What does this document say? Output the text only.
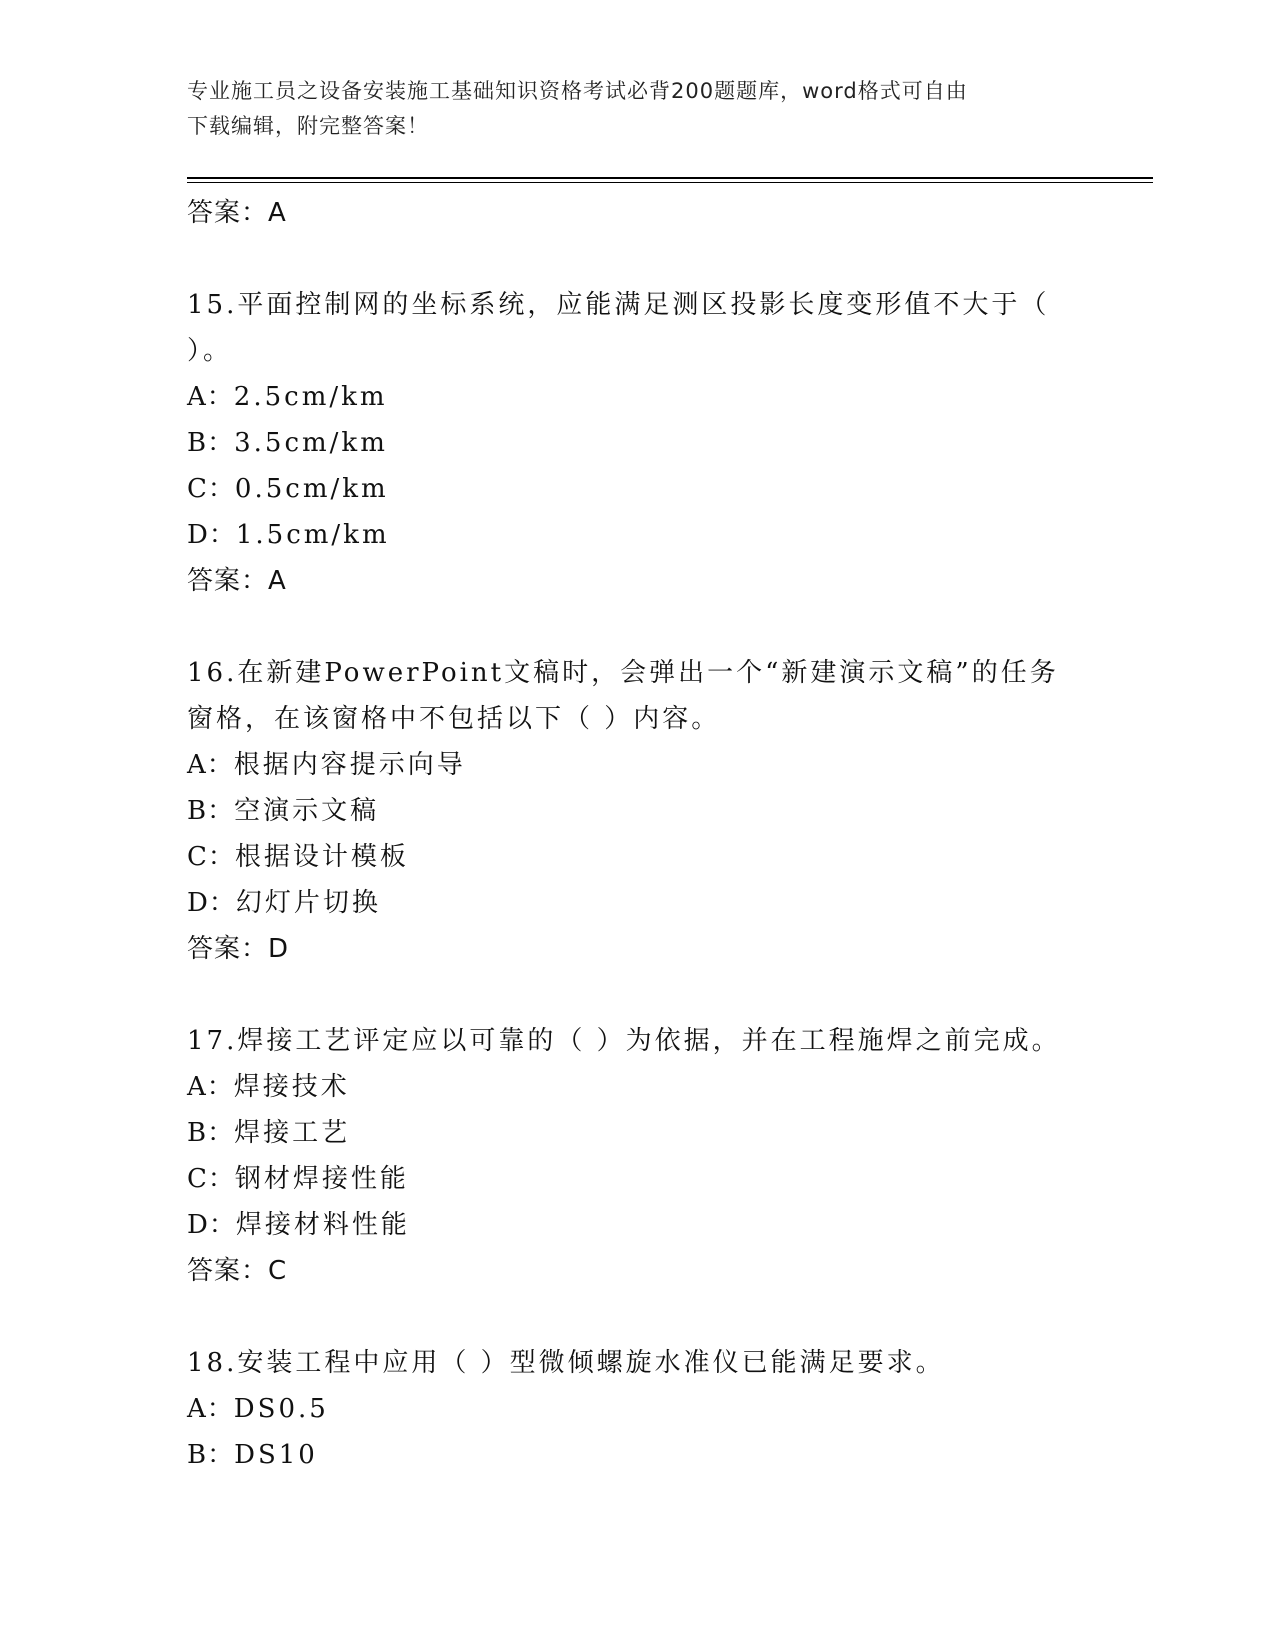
专业施工员之设备安装施工基础知识资格考试必背200题题库，word格式可自由
下载编辑，附完整答案！
答案：A
15.平面控制网的坐标系统，应能满足测区投影长度变形值不大于（
）。
A：2.5cm/km
B：3.5cm/km
C：0.5cm/km
D：1.5cm/km
答案：A
16.在新建PowerPoint文稿时，会弹出一个“新建演示文稿”的任务
窗格，在该窗格中不包括以下（ ）内容。
A：根据内容提示向导
B：空演示文稿
C：根据设计模板
D：幻灯片切换
答案：D
17.焊接工艺评定应以可靠的（ ）为依据，并在工程施焊之前完成。
A：焊接技术
B：焊接工艺
C：钢材焊接性能
D：焊接材料性能
答案：C
18.安装工程中应用（ ）型微倾螺旋水准仪已能满足要求。
A：DS0.5
B：DS10
